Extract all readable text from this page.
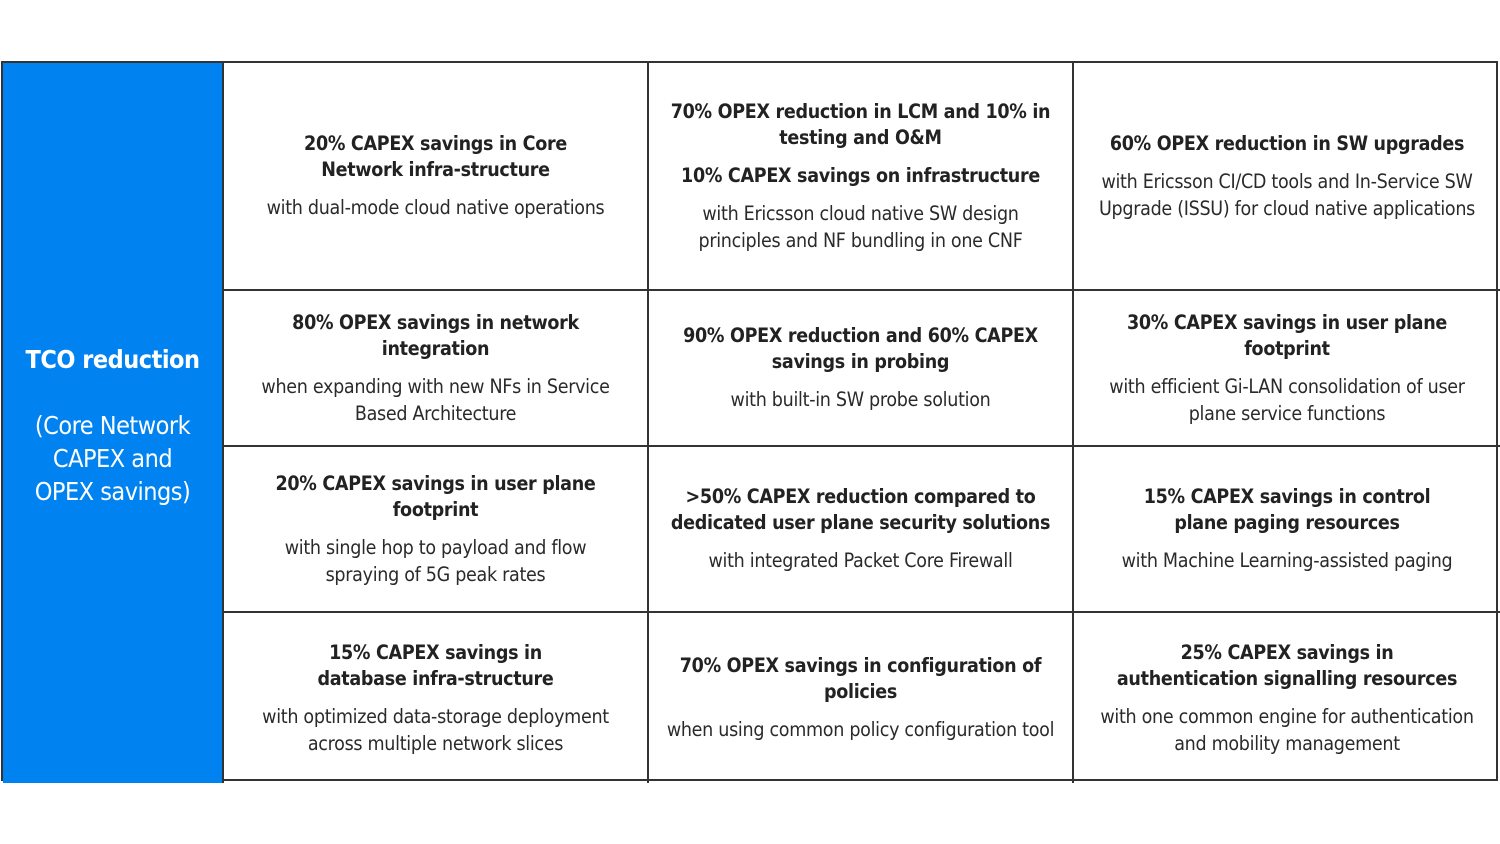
TCO reduction
(Core Network
CAPEX and
OPEX savings)
20% CAPEX savings in Core Network infra-structure
with dual-mode cloud native operations
70% OPEX reduction in LCM and 10% in testing and O&M
10% CAPEX savings on infrastructure
with Ericsson cloud native SW design principles and NF bundling in one CNF
60% OPEX reduction in SW upgrades
with Ericsson CI/CD tools and In-Service SW Upgrade (ISSU) for cloud native applications
80% OPEX savings in network integration
when expanding with new NFs in Service Based Architecture
90% OPEX reduction and 60% CAPEX savings in probing
with built-in SW probe solution
30% CAPEX savings in user plane footprint
with efficient Gi-LAN consolidation of user plane service functions
20% CAPEX savings in user plane footprint
with single hop to payload and flow spraying of 5G peak rates
>50% CAPEX reduction compared to dedicated user plane security solutions
with integrated Packet Core Firewall
15% CAPEX savings in control plane paging resources
with Machine Learning-assisted paging
15% CAPEX savings in database infra-structure
with optimized data-storage deployment across multiple network slices
70% OPEX savings in configuration of policies
when using common policy configuration tool
25% CAPEX savings in authentication signalling resources
with one common engine for authentication and mobility management
